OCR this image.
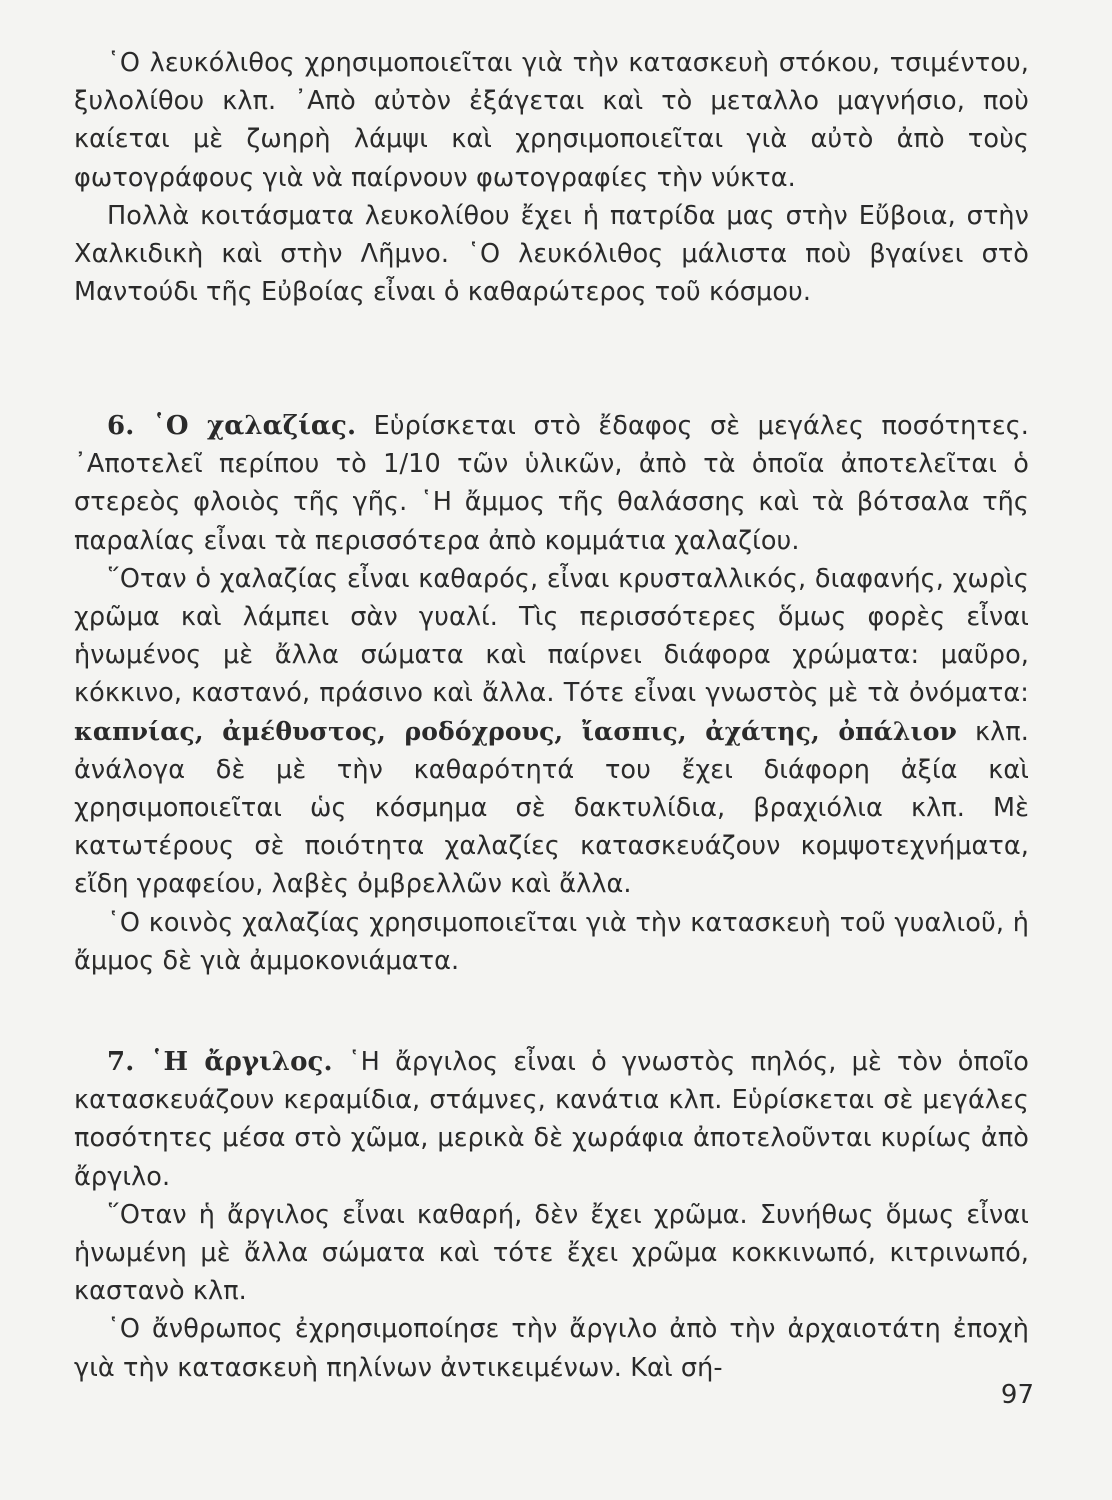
῾Ο λευκόλιθος χρησιμοποιεῖται γιὰ τὴν κατασκευὴ στόκου, τσιμέντου, ξυλολίθου κλπ. ᾿Απὸ αὐτὸν ἐξάγεται καὶ τὸ μεταλλο μαγνήσιο, ποὺ καίεται μὲ ζωηρὴ λάμψι καὶ χρησιμοποιεῖται γιὰ αὐτὸ ἀπὸ τοὺς φωτογράφους γιὰ νὰ παίρνουν φωτογραφίες τὴν νύκτα.

Πολλὰ κοιτάσματα λευκολίθου ἔχει ἡ πατρίδα μας στὴν Εὔβοια, στὴν Χαλκιδικὴ καὶ στὴν Λῆμνο. ῾Ο λευκόλιθος μάλιστα ποὺ βγαίνει στὸ Μαντούδι τῆς Εὐβοίας εἶναι ὁ καθαρώτερος τοῦ κόσμου.

6. ῾Ο χαλαζίας. Εὑρίσκεται στὸ ἔδαφος σὲ μεγάλες ποσότητες. ᾿Αποτελεῖ περίπου τὸ 1/10 τῶν ὑλικῶν, ἀπὸ τὰ ὁποῖα ἀποτελεῖται ὁ στερεὸς φλοιὸς τῆς γῆς. ῾Η ἄμμος τῆς θαλάσσης καὶ τὰ βότσαλα τῆς παραλίας εἶναι τὰ περισσότερα ἀπὸ κομμάτια χαλαζίου.

῞Οταν ὁ χαλαζίας εἶναι καθαρός, εἶναι κρυσταλλικός, διαφανής, χωρὶς χρῶμα καὶ λάμπει σὰν γυαλί. Τὶς περισσότερες ὅμως φορὲς εἶναι ἡνωμένος μὲ ἄλλα σώματα καὶ παίρνει διάφορα χρώματα: μαῦρο, κόκκινο, καστανό, πράσινο καὶ ἄλλα. Τότε εἶναι γνωστὸς μὲ τὰ ὀνόματα: καπνίας, ἀμέθυστος, ροδόχρους, ἴασπις, ἀχάτης, ὀπάλιον κλπ. ἀνάλογα δὲ μὲ τὴν καθαρότητά του ἔχει διάφορη ἀξία καὶ χρησιμοποιεῖται ὡς κόσμημα σὲ δακτυλίδια, βραχιόλια κλπ. Μὲ κατωτέρους σὲ ποιότητα χαλαζίες κατασκευάζουν κομψοτεχνήματα, εἴδη γραφείου, λαβὲς ὀμβρελλῶν καὶ ἄλλα.

῾Ο κοινὸς χαλαζίας χρησιμοποιεῖται γιὰ τὴν κατασκευὴ τοῦ γυαλιοῦ, ἡ ἄμμος δὲ γιὰ ἀμμοκονιάματα.

7. ῾Η ἄργιλος. ῾Η ἄργιλος εἶναι ὁ γνωστὸς πηλός, μὲ τὸν ὁποῖο κατασκευάζουν κεραμίδια, στάμνες, κανάτια κλπ. Εὑρίσκεται σὲ μεγάλες ποσότητες μέσα στὸ χῶμα, μερικὰ δὲ χωράφια ἀποτελοῦνται κυρίως ἀπὸ ἄργιλο.

῞Οταν ἡ ἄργιλος εἶναι καθαρή, δὲν ἔχει χρῶμα. Συνήθως ὅμως εἶναι ἡνωμένη μὲ ἄλλα σώματα καὶ τότε ἔχει χρῶμα κοκκινωπό, κιτρινωπό, καστανὸ κλπ.

῾Ο ἄνθρωπος ἐχρησιμοποίησε τὴν ἄργιλο ἀπὸ τὴν ἀρχαιοτάτη ἐποχὴ γιὰ τὴν κατασκευὴ πηλίνων ἀντικειμένων. Καὶ σή-

97
